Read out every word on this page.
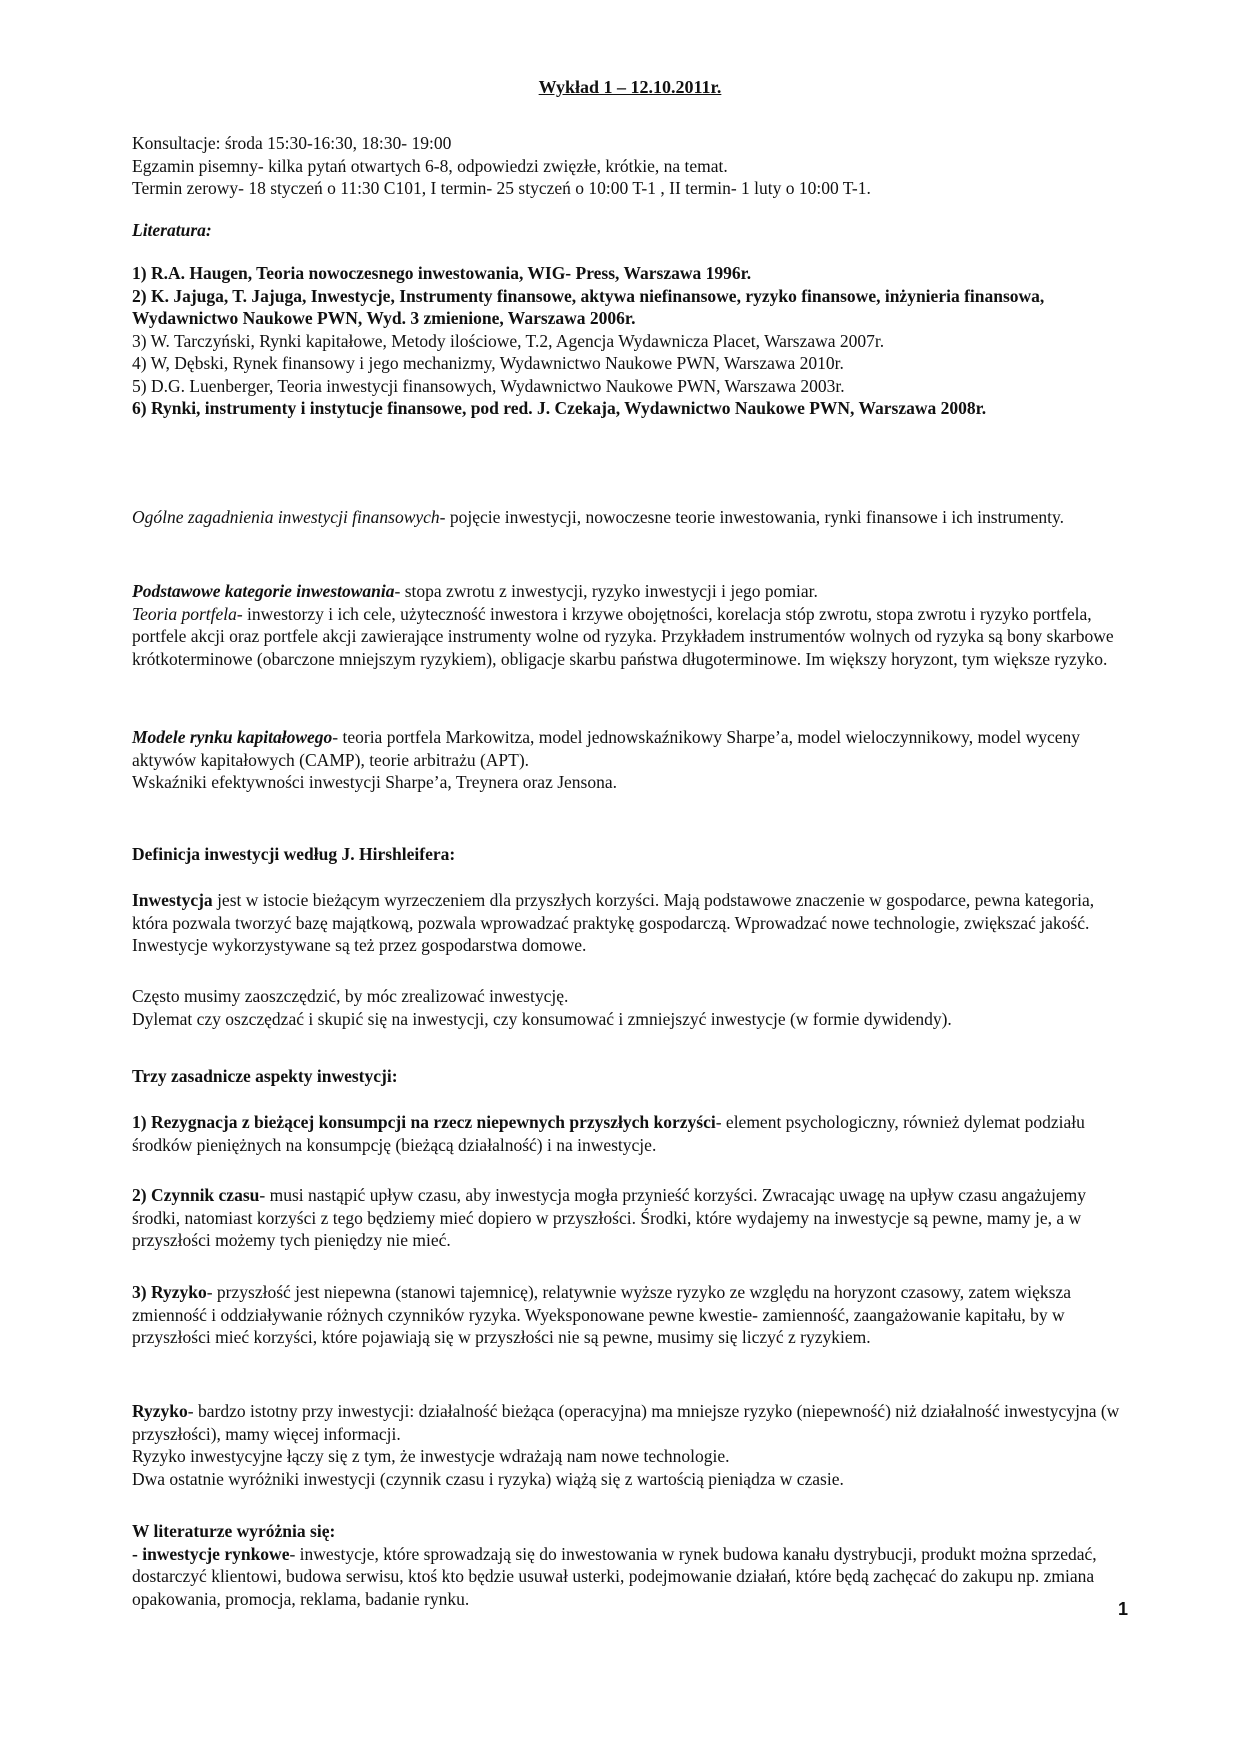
Wykład 1 – 12.10.2011r.

Konsultacje: środa 15:30-16:30, 18:30- 19:00

Egzamin pisemny- kilka pytań otwartych 6-8, odpowiedzi zwięzłe, krótkie, na temat.

Termin zerowy- 18 styczeń o 11:30 C101, I termin- 25 styczeń o 10:00 T-1 , II termin- 1 luty o 10:00 T-1.

Literatura:

1) R.A. Haugen, Teoria nowoczesnego inwestowania, WIG- Press, Warszawa 1996r.

2) K. Jajuga, T. Jajuga, Inwestycje, Instrumenty finansowe, aktywa niefinansowe, ryzyko finansowe, inżynieria finansowa, Wydawnictwo Naukowe PWN, Wyd. 3 zmienione, Warszawa 2006r.

3) W. Tarczyński, Rynki kapitałowe, Metody ilościowe, T.2, Agencja Wydawnicza Placet, Warszawa 2007r.

4) W, Dębski, Rynek finansowy i jego mechanizmy, Wydawnictwo Naukowe PWN, Warszawa 2010r.

5) D.G. Luenberger, Teoria inwestycji finansowych, Wydawnictwo Naukowe PWN, Warszawa 2003r.

6) Rynki, instrumenty i instytucje finansowe, pod red. J. Czekaja, Wydawnictwo Naukowe PWN, Warszawa 2008r.

Ogólne zagadnienia inwestycji finansowych- pojęcie inwestycji, nowoczesne teorie inwestowania, rynki finansowe i ich instrumenty.

Podstawowe kategorie inwestowania- stopa zwrotu z inwestycji, ryzyko inwestycji i jego pomiar.

Teoria portfela- inwestorzy i ich cele, użyteczność inwestora i krzywe obojętności, korelacja stóp zwrotu, stopa zwrotu i ryzyko portfela, portfele akcji oraz portfele akcji zawierające instrumenty wolne od ryzyka. Przykładem instrumentów wolnych od ryzyka są bony skarbowe krótkoterminowe (obarczone mniejszym ryzykiem), obligacje skarbu państwa długoterminowe. Im większy horyzont, tym większe ryzyko.

Modele rynku kapitałowego- teoria portfela Markowitza, model jednowskaźnikowy Sharpe’a, model wieloczynnikowy, model wyceny aktywów kapitałowych (CAMP), teorie arbitrażu (APT).

Wskaźniki efektywności inwestycji Sharpe’a, Treynera oraz Jensona.

Definicja inwestycji według J. Hirshleifera:

Inwestycja jest w istocie bieżącym wyrzeczeniem dla przyszłych korzyści. Mają podstawowe znaczenie w gospodarce, pewna kategoria, która pozwala tworzyć bazę majątkową, pozwala wprowadzać praktykę gospodarczą. Wprowadzać nowe technologie, zwiększać jakość. Inwestycje wykorzystywane są też przez gospodarstwa domowe.

Często musimy zaoszczędzić, by móc zrealizować inwestycję.

Dylemat czy oszczędzać i skupić się na inwestycji, czy konsumować i zmniejszyć inwestycje (w formie dywidendy).

Trzy zasadnicze aspekty inwestycji:

1) Rezygnacja z bieżącej konsumpcji na rzecz niepewnych przyszłych korzyści- element psychologiczny, również dylemat podziału środków pieniężnych na konsumpcję (bieżącą działalność) i na inwestycje.

2) Czynnik czasu- musi nastąpić upływ czasu, aby inwestycja mogła przynieść korzyści. Zwracając uwagę na upływ czasu angażujemy środki, natomiast korzyści z tego będziemy mieć dopiero w przyszłości. Środki, które wydajemy na inwestycje są pewne, mamy je, a w przyszłości możemy tych pieniędzy nie mieć.

3) Ryzyko- przyszłość jest niepewna (stanowi tajemnicę), relatywnie wyższe ryzyko ze względu na horyzont czasowy, zatem większa zmienność i oddziaływanie różnych czynników ryzyka. Wyeksponowane pewne kwestie- zamienność, zaangażowanie kapitału, by w przyszłości mieć korzyści, które pojawiają się w przyszłości nie są pewne, musimy się liczyć z ryzykiem.

Ryzyko- bardzo istotny przy inwestycji: działalność bieżąca (operacyjna) ma mniejsze ryzyko (niepewność) niż działalność inwestycyjna (w przyszłości), mamy więcej informacji.

Ryzyko inwestycyjne łączy się z tym, że inwestycje wdrażają nam nowe technologie.

Dwa ostatnie wyróżniki inwestycji (czynnik czasu i ryzyka) wiążą się z wartością pieniądza w czasie.

W literaturze wyróżnia się:

- inwestycje rynkowe- inwestycje, które sprowadzają się do inwestowania w rynek budowa kanału dystrybucji, produkt można sprzedać, dostarczyć klientowi, budowa serwisu, ktoś kto będzie usuwał usterki, podejmowanie działań, które będą zachęcać do zakupu np. zmiana opakowania, promocja, reklama, badanie rynku.

1
